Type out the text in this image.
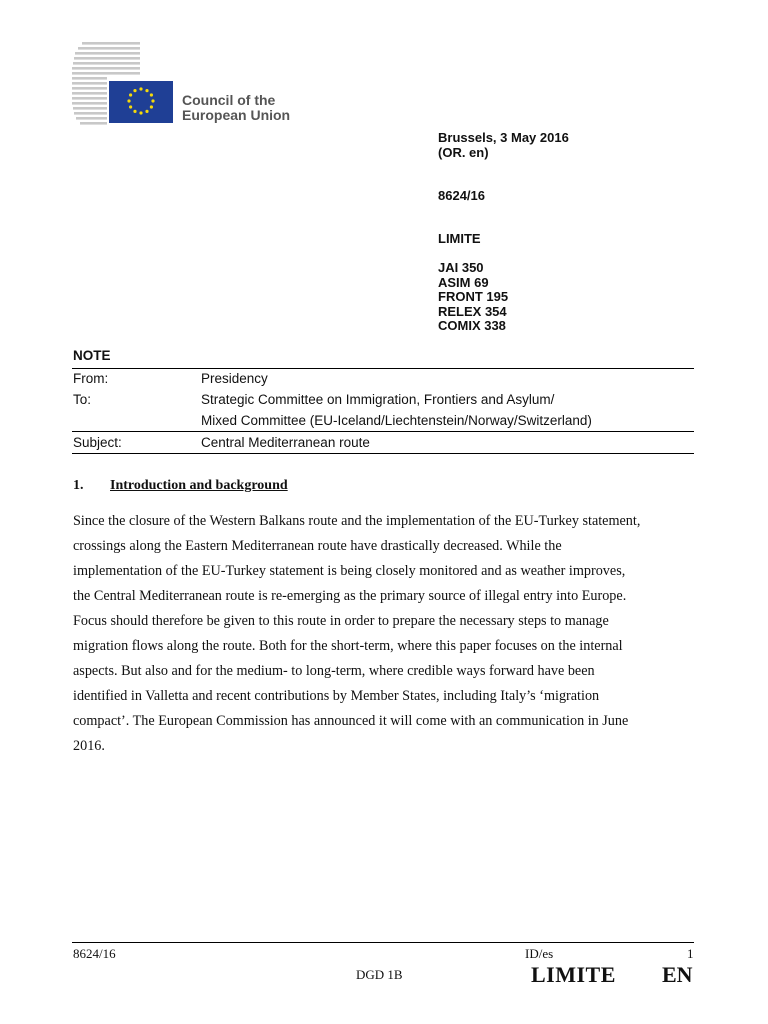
Council of the
European Union
Brussels, 3 May 2016
(OR. en)
8624/16
LIMITE
JAI 350
ASIM 69
FRONT 195
RELEX 354
COMIX 338
NOTE
From:	Presidency
To:	Strategic Committee on Immigration, Frontiers and Asylum/
Mixed Committee (EU-Iceland/Liechtenstein/Norway/Switzerland)
Subject:	Central Mediterranean route
1. Introduction and background

Since the closure of the Western Balkans route and the implementation of the EU-Turkey statement,
crossings along the Eastern Mediterranean route have drastically decreased. While the
implementation of the EU-Turkey statement is being closely monitored and as weather improves,
the Central Mediterranean route is re-emerging as the primary source of illegal entry into Europe.
Focus should therefore be given to this route in order to prepare the necessary steps to manage
migration flows along the route. Both for the short-term, where this paper focuses on the internal
aspects. But also and for the medium- to long-term, where credible ways forward have been
identified in Valletta and recent contributions by Member States, including Italy’s ‘migration
compact’. The European Commission has announced it will come with an communication in June
2016.

8624/16	ID/es	1
DGD 1B	LIMITE EN
